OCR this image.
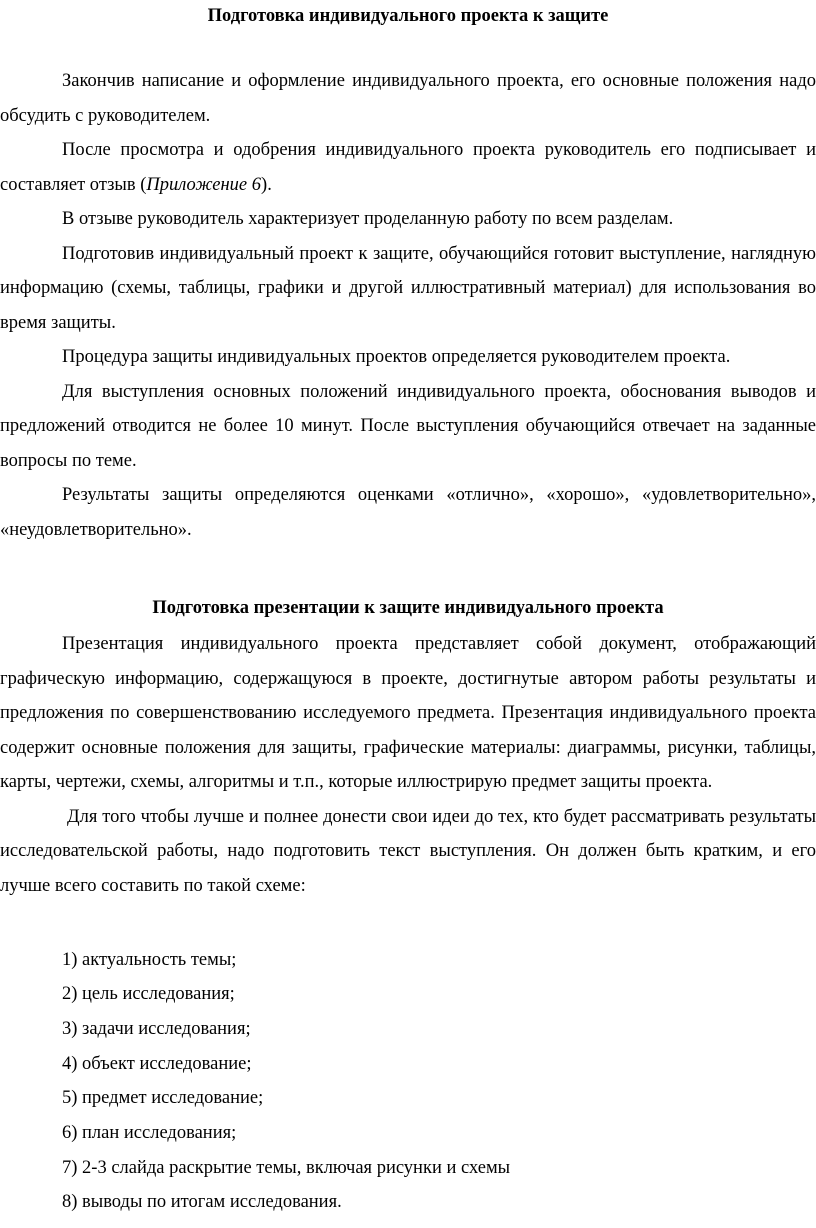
Подготовка индивидуального проекта к защите

Закончив написание и оформление индивидуального проекта, его основные положения надо обсудить с руководителем.

После просмотра и одобрения индивидуального проекта руководитель его подписывает и составляет отзыв (Приложение 6).

В отзыве руководитель характеризует проделанную работу по всем разделам.

Подготовив индивидуальный проект к защите, обучающийся готовит выступление, наглядную информацию (схемы, таблицы, графики и другой иллюстративный материал) для использования во время защиты.

Процедура защиты индивидуальных проектов определяется руководителем проекта.

Для выступления основных положений индивидуального проекта, обоснования выводов и предложений отводится не более 10 минут. После выступления обучающийся отвечает на заданные вопросы по теме.

Результаты защиты определяются оценками «отлично», «хорошо», «удовлетворительно», «неудовлетворительно».

Подготовка презентации к защите индивидуального проекта

Презентация индивидуального проекта представляет собой документ, отображающий графическую информацию, содержащуюся в проекте, достигнутые автором работы результаты и предложения по совершенствованию исследуемого предмета. Презентация индивидуального проекта содержит основные положения для защиты, графические материалы: диаграммы, рисунки, таблицы, карты, чертежи, схемы, алгоритмы и т.п., которые иллюстрирую предмет защиты проекта.

Для того чтобы лучше и полнее донести свои идеи до тех, кто будет рассматривать результаты исследовательской работы, надо подготовить текст выступления. Он должен быть кратким, и его лучше всего составить по такой схеме:

1) актуальность темы;
2) цель исследования;
3) задачи исследования;
4) объект исследование;
5) предмет исследование;
6) план исследования;
7) 2-3 слайда раскрытие темы, включая рисунки и схемы
8) выводы по итогам исследования.
